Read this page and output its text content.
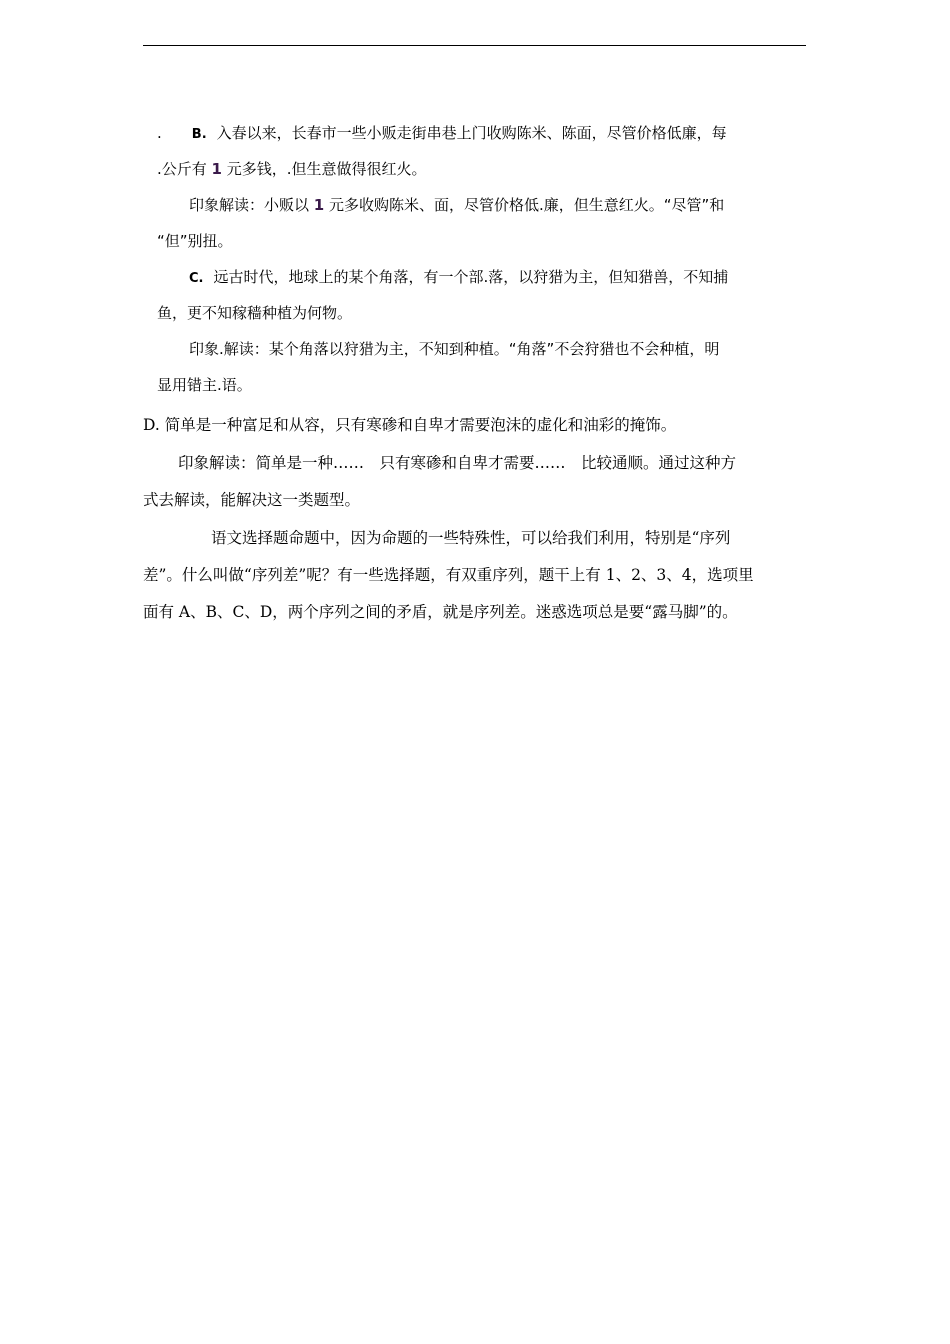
. B. 入春以来，长春市一些小贩走街串巷上门收购陈米、陈面，尽管价格低廉，每
.公斤有 1 元多钱，.但生意做得很红火。
印象解读：小贩以 1 元多收购陈米、面，尽管价格低.廉，但生意红火。“尽管”和
“但”别扭。
C. 远古时代，地球上的某个角落，有一个部.落，以狩猎为主，但知猎兽，不知捕
鱼，更不知稼穑种植为何物。
印象.解读：某个角落以狩猎为主，不知到种植。“角落”不会狩猎也不会种植，明
显用错主.语。
D. 简单是一种富足和从容，只有寒碜和自卑才需要泡沫的虚化和油彩的掩饰。
印象解读：简单是一种……　只有寒碜和自卑才需要……　比较通顺。通过这种方
式去解读，能解决这一类题型。
语文选择题命题中，因为命题的一些特殊性，可以给我们利用，特别是“序列
差”。什么叫做“序列差”呢？有一些选择题，有双重序列，题干上有 1、2、3、4，选项里
面有 A、B、C、D，两个序列之间的矛盾，就是序列差。迷惑选项总是要“露马脚”的。
